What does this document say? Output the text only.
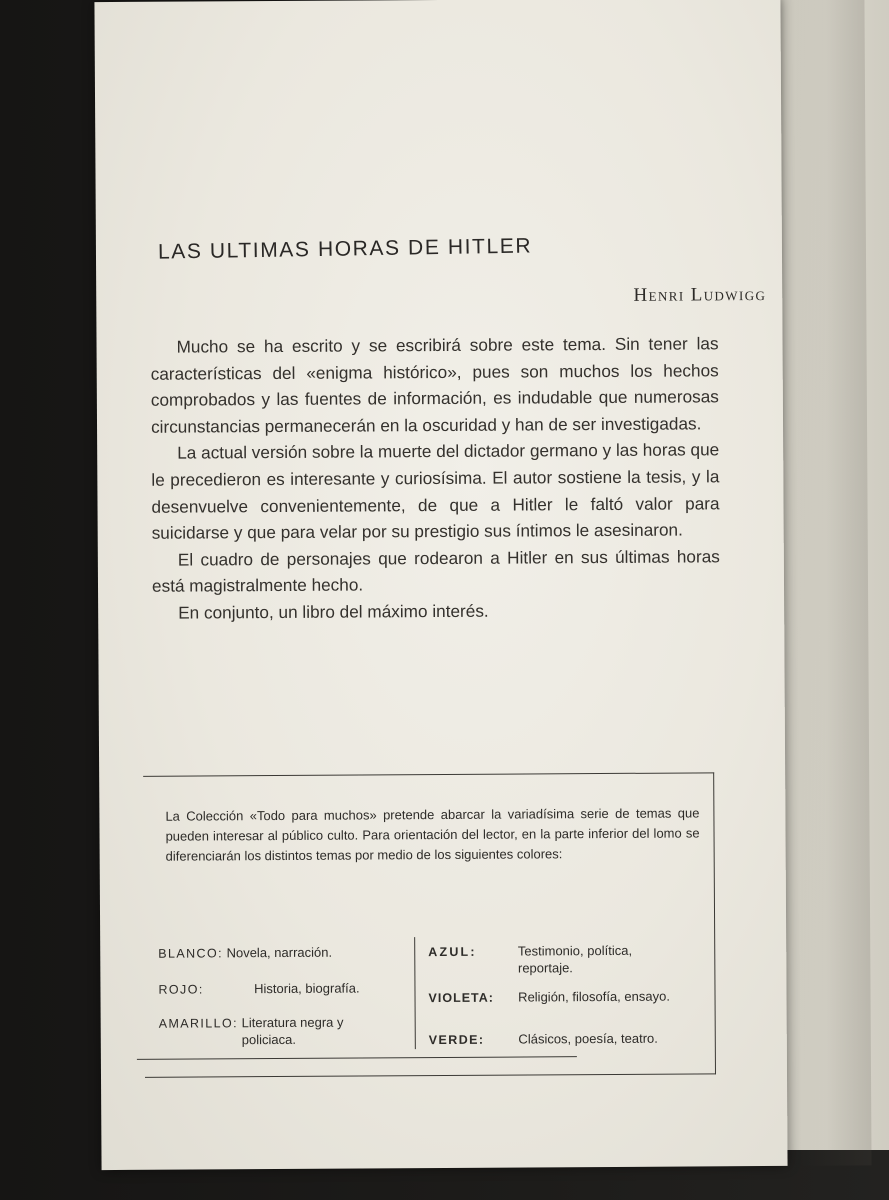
LAS ULTIMAS HORAS DE HITLER

Henri Ludwigg

Mucho se ha escrito y se escribirá sobre este tema. Sin tener las características del «enigma histórico», pues son muchos los hechos comprobados y las fuentes de información, es indudable que numerosas circunstancias permanecerán en la oscuridad y han de ser investigadas.

La actual versión sobre la muerte del dictador germano y las horas que le precedieron es interesante y curiosísima. El autor sostiene la tesis, y la desenvuelve convenientemente, de que a Hitler le faltó valor para suicidarse y que para velar por su prestigio sus íntimos le asesinaron.

El cuadro de personajes que rodearon a Hitler en sus últimas horas está magistralmente hecho.

En conjunto, un libro del máximo interés.

La Colección «Todo para muchos» pretende abarcar la variadísima serie de temas que pueden interesar al público culto. Para orientación del lector, en la parte inferior del lomo se diferenciarán los distintos temas por medio de los siguientes colores:

BLANCO: Novela, narración.
ROJO:	Historia, biografía.
AMARILLO: Literatura negra y policiaca.
AZUL:	Testimonio, política, reportaje.
VIOLETA: Religión, filosofía, ensayo.
VERDE:	Clásicos, poesía, teatro.
